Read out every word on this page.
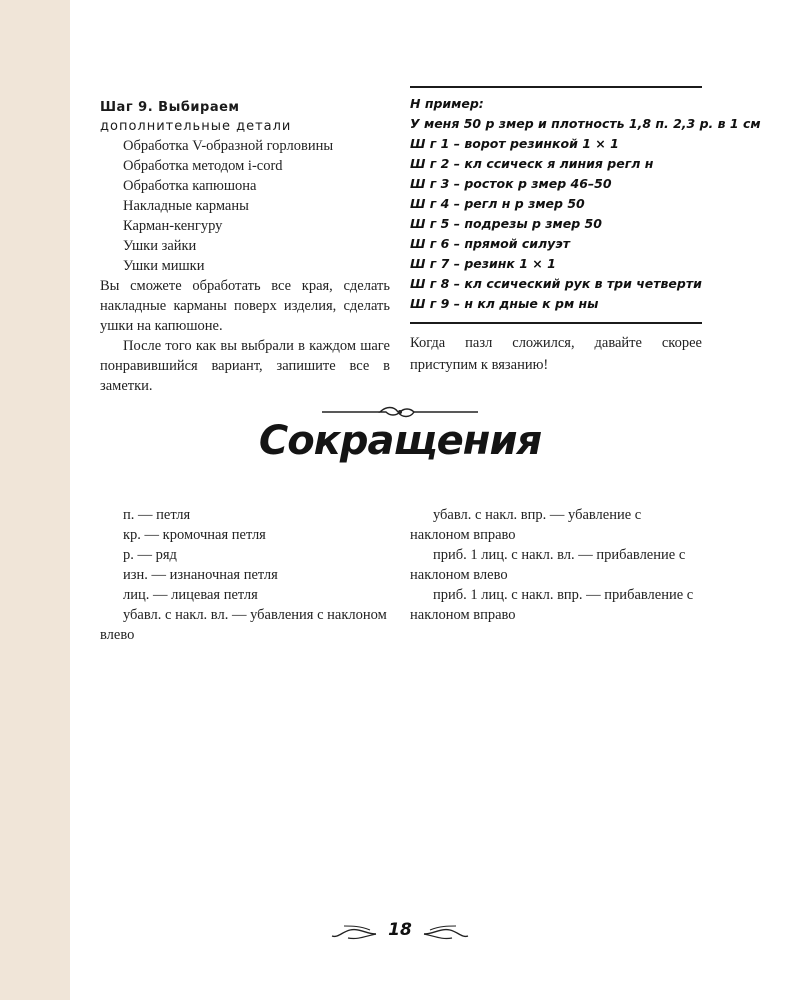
Шаг 9. Выбираем
дополнительные детали
Обработка V-образной горловины
Обработка методом i-cord
Обработка капюшона
Накладные карманы
Карман-кенгуру
Ушки зайки
Ушки мишки

Вы сможете обработать все края, сделать накладные карманы поверх изделия, сделать ушки на капюшоне.

После того как вы выбрали в каждом шаге понравившийся вариант, запишите все в заметки.

Н пример:
У меня 50 р змер и плотность 1,8 п. 2,3 р. в 1 см
Ш г 1 – ворот резинкой 1 × 1
Ш г 2 – кл ссическ я линия регл н
Ш г 3 – росток р змер 46–50
Ш г 4 – регл н р змер 50
Ш г 5 – подрезы р змер 50
Ш г 6 – прямой силуэт
Ш г 7 – резинк 1 × 1
Ш г 8 – кл ссический рук в три четверти
Ш г 9 – н кл дные к рм ны

Когда пазл сложился, давайте скорее приступим к вязанию!

Сокращения

п. — петля

кр. — кромочная петля

р. — ряд

изн. — изнаночная петля

лиц. — лицевая петля

убавл. с накл. вл. — убавления с наклоном влево

убавл. с накл. впр. — убавление с наклоном вправо

приб. 1 лиц. с накл. вл. — прибавление с наклоном влево

приб. 1 лиц. с накл. впр. — прибавление с наклоном вправо

18
